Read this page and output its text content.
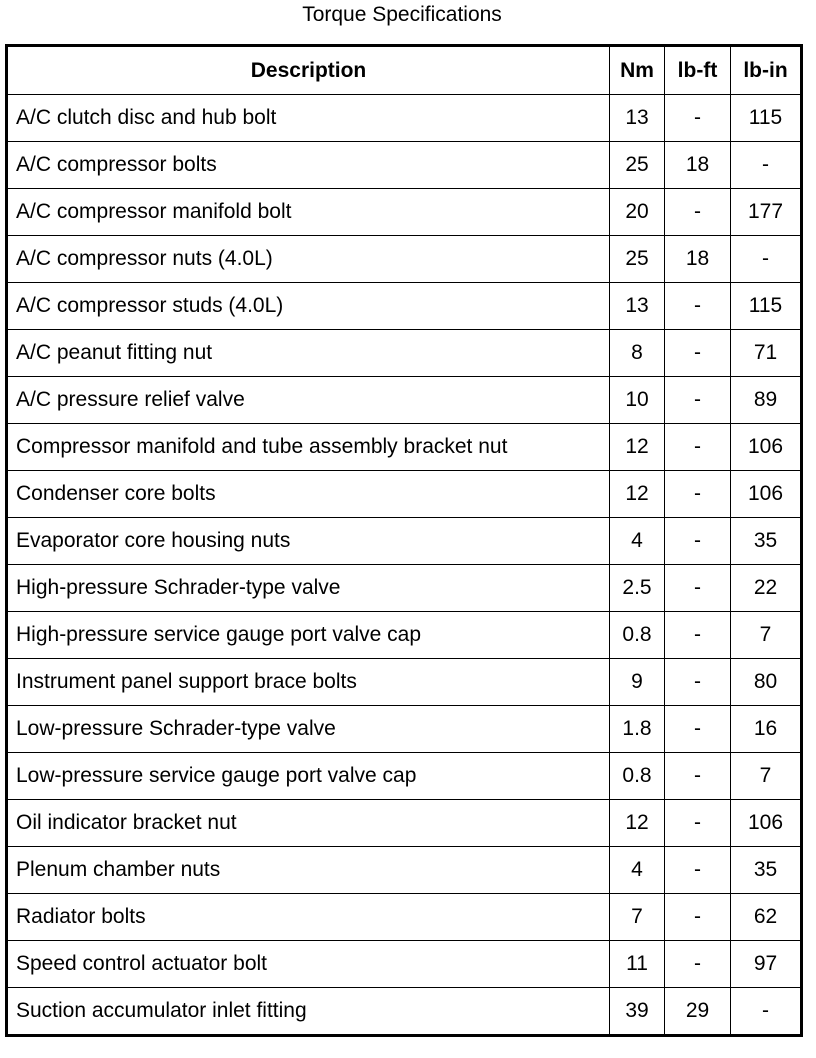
Torque Specifications
Description	Nm	lb-ft	lb-in
A/C clutch disc and hub bolt	13	-	115
A/C compressor bolts	25	18	-
A/C compressor manifold bolt	20	-	177
A/C compressor nuts (4.0L)	25	18	-
A/C compressor studs (4.0L)	13	-	115
A/C peanut fitting nut	8	-	71
A/C pressure relief valve	10	-	89
Compressor manifold and tube assembly bracket nut	12	-	106
Condenser core bolts	12	-	106
Evaporator core housing nuts	4	-	35
High-pressure Schrader-type valve	2.5	-	22
High-pressure service gauge port valve cap	0.8	-	7
Instrument panel support brace bolts	9	-	80
Low-pressure Schrader-type valve	1.8	-	16
Low-pressure service gauge port valve cap	0.8	-	7
Oil indicator bracket nut	12	-	106
Plenum chamber nuts	4	-	35
Radiator bolts	7	-	62
Speed control actuator bolt	11	-	97
Suction accumulator inlet fitting	39	29	-
